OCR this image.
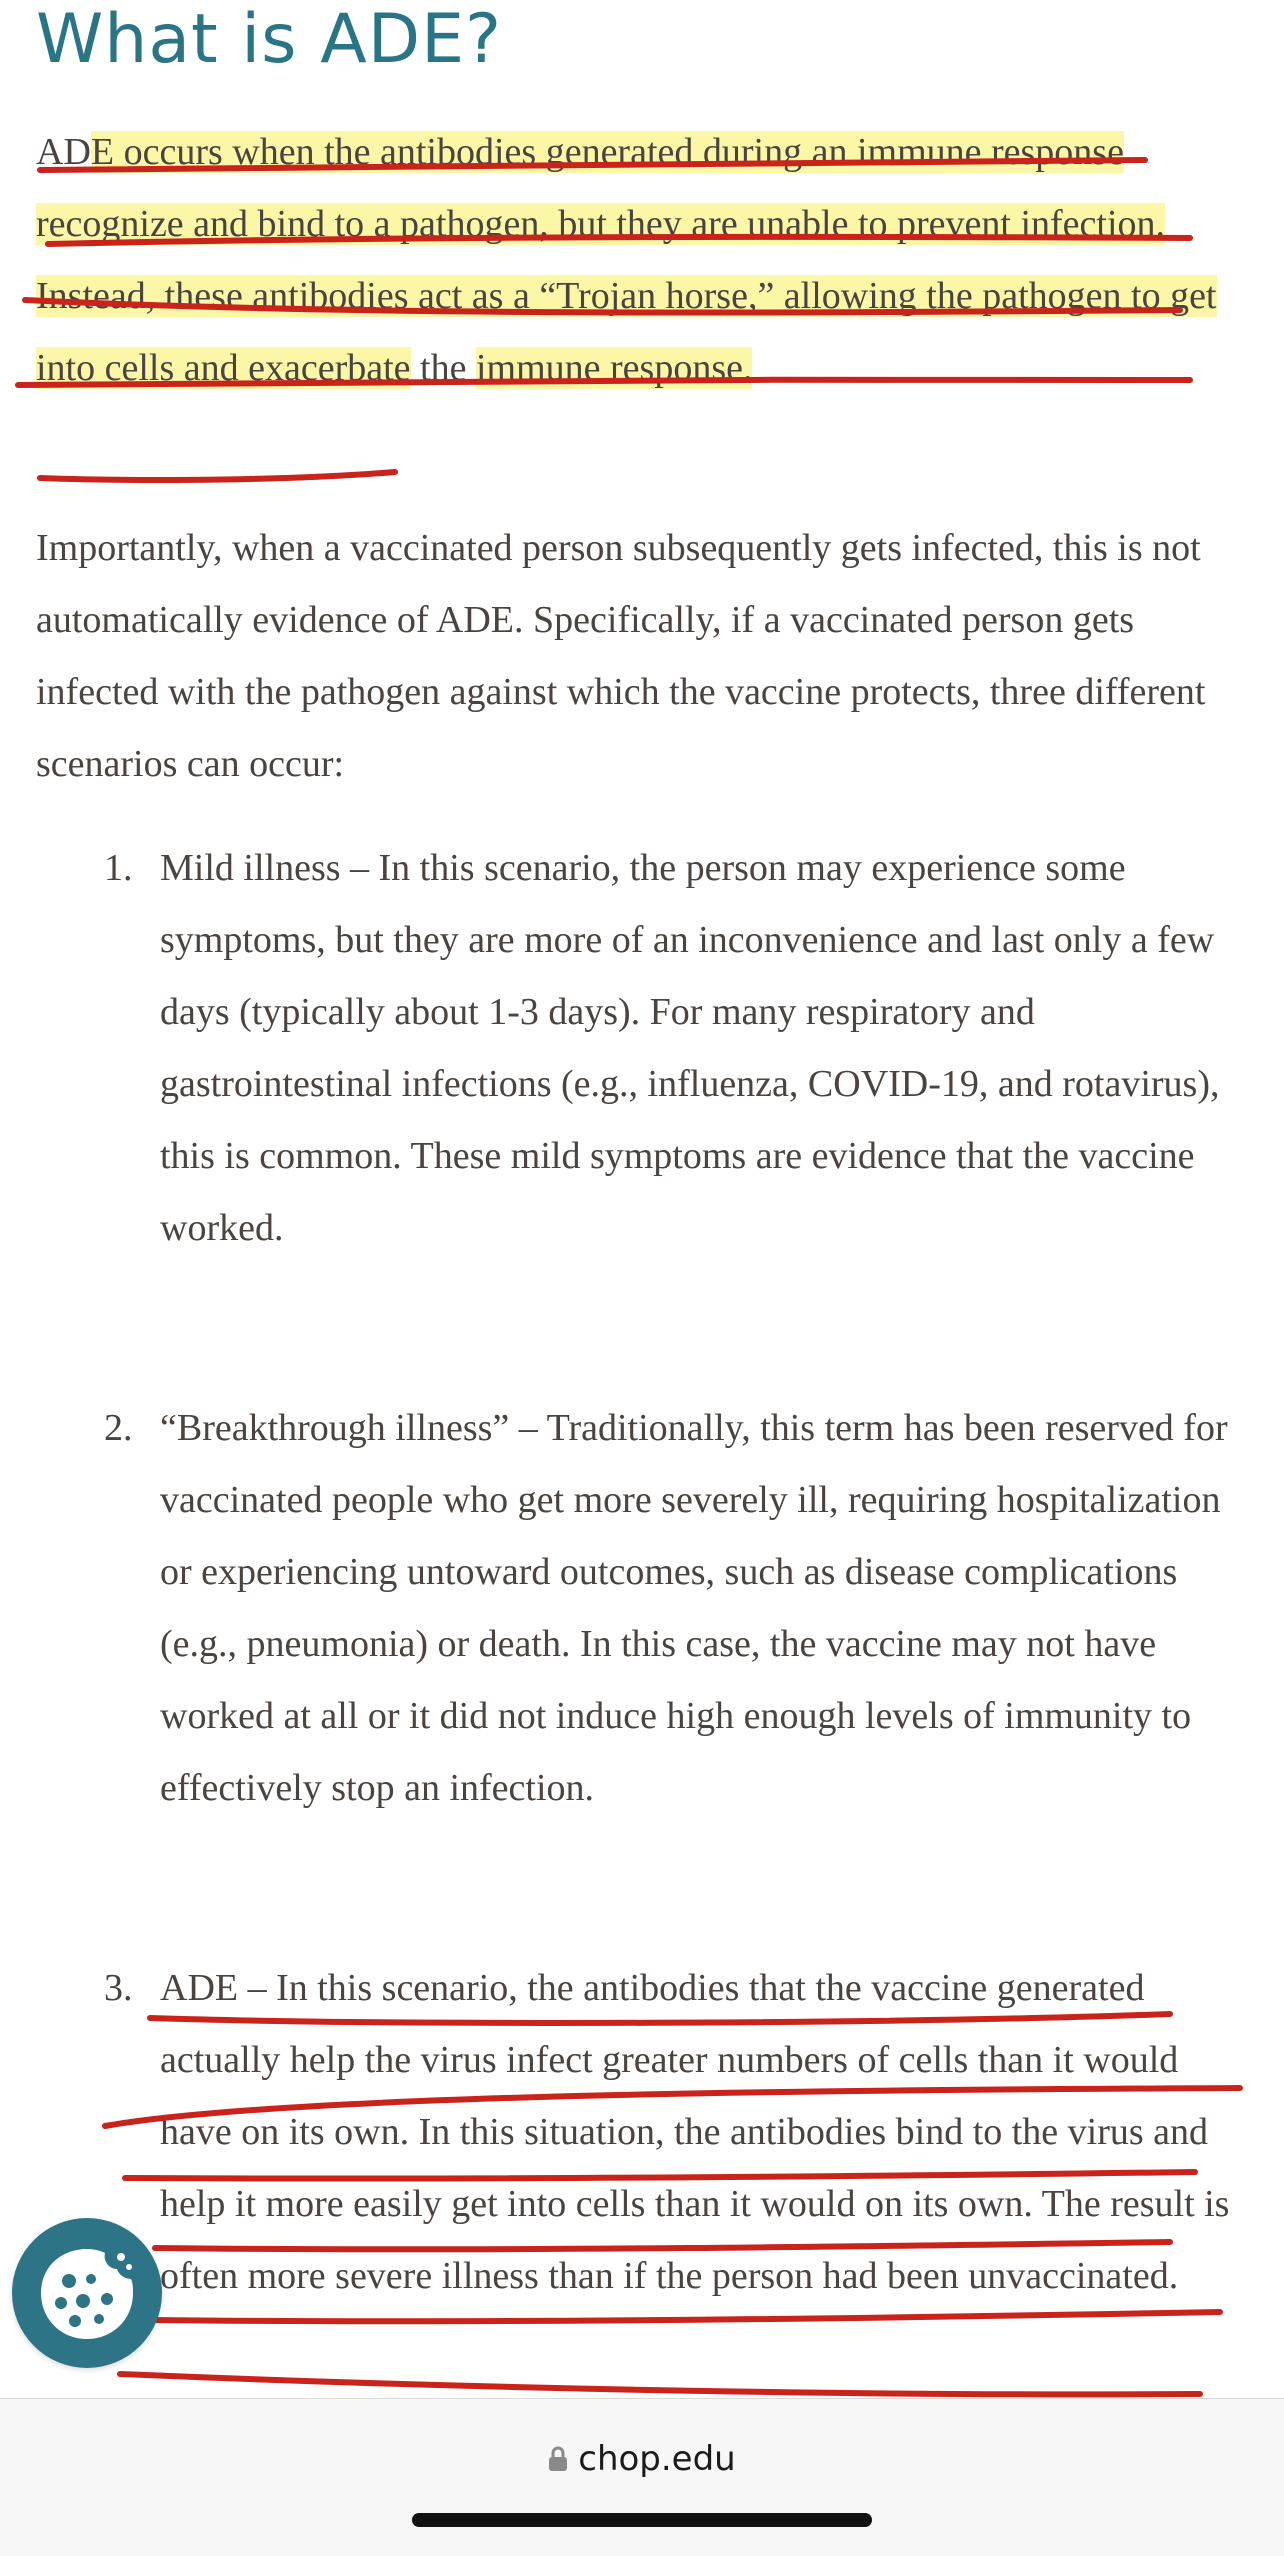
What is ADE?

ADE occurs when the antibodies generated during an immune response recognize and bind to a pathogen, but they are unable to prevent infection. Instead, these antibodies act as a “Trojan horse,” allowing the pathogen to get into cells and exacerbate the immune response.

Importantly, when a vaccinated person subsequently gets infected, this is not automatically evidence of ADE. Specifically, if a vaccinated person gets infected with the pathogen against which the vaccine protects, three different scenarios can occur:

1. Mild illness – In this scenario, the person may experience some symptoms, but they are more of an inconvenience and last only a few days (typically about 1-3 days). For many respiratory and gastrointestinal infections (e.g., influenza, COVID-19, and rotavirus), this is common. These mild symptoms are evidence that the vaccine worked.
2. “Breakthrough illness” – Traditionally, this term has been reserved for vaccinated people who get more severely ill, requiring hospitalization or experiencing untoward outcomes, such as disease complications (e.g., pneumonia) or death. In this case, the vaccine may not have worked at all or it did not induce high enough levels of immunity to effectively stop an infection.
3. ADE – In this scenario, the antibodies that the vaccine generated actually help the virus infect greater numbers of cells than it would have on its own. In this situation, the antibodies bind to the virus and help it more easily get into cells than it would on its own. The result is often more severe illness than if the person had been unvaccinated.
chop.edu
